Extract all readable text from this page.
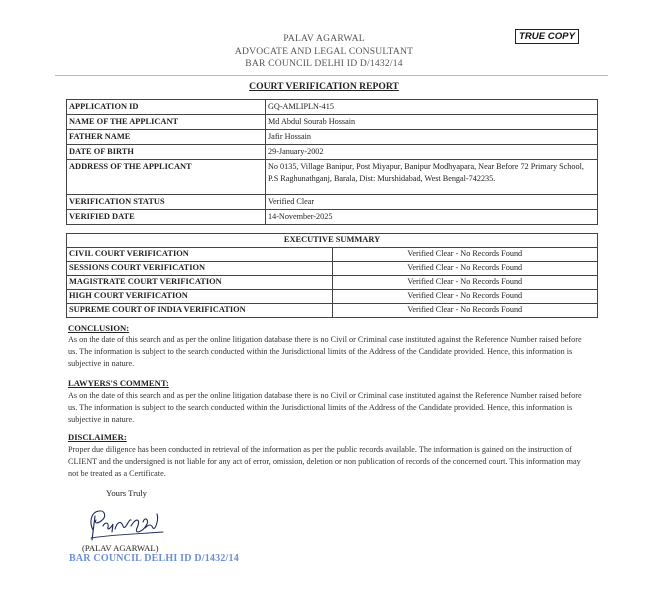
PALAV AGARWAL
ADVOCATE AND LEGAL CONSULTANT
BAR COUNCIL DELHI ID D/1432/14
TRUE COPY
COURT VERIFICATION REPORT
APPLICATION ID	GQ-AMLIPLN-415
NAME OF THE APPLICANT	Md Abdul Sourab Hossain
FATHER NAME	Jafir Hossain
DATE OF BIRTH	29-January-2002
ADDRESS OF THE APPLICANT	No 0135, Village Banipur, Post Miyapur, Banipur Modhyapara, Near Before 72 Primary School, P.S Raghunathganj, Barala, Dist: Murshidabad, West Bengal-742235.
VERIFICATION STATUS	Verified Clear
VERIFIED DATE	14-November-2025
EXECUTIVE SUMMARY	
CIVIL COURT VERIFICATION	Verified Clear - No Records Found
SESSIONS COURT VERIFICATION	Verified Clear - No Records Found
MAGISTRATE COURT VERIFICATION	Verified Clear - No Records Found
HIGH COURT VERIFICATION	Verified Clear - No Records Found
SUPREME COURT OF INDIA VERIFICATION	Verified Clear - No Records Found
CONCLUSION:
As on the date of this search and as per the online litigation database there is no Civil or Criminal case instituted against the Reference Number raised before us. The information is subject to the search conducted within the Jurisdictional limits of the Address of the Candidate provided. Hence, this information is subjective in nature.
LAWYERS'S COMMENT:
As on the date of this search and as per the online litigation database there is no Civil or Criminal case instituted against the Reference Number raised before us. The information is subject to the search conducted within the Jurisdictional limits of the Address of the Candidate provided. Hence, this information is subjective in nature.
DISCLAIMER:
Proper due diligence has been conducted in retrieval of the information as per the public records available. The information is gained on the instruction of CLIENT and the undersigned is not liable for any act of error, omission, deletion or non publication of records of the concerned court. This information may not be treated as a Certificate.
Yours Truly
(PALAV AGARWAL)
BAR COUNCIL DELHI ID D/1432/14
